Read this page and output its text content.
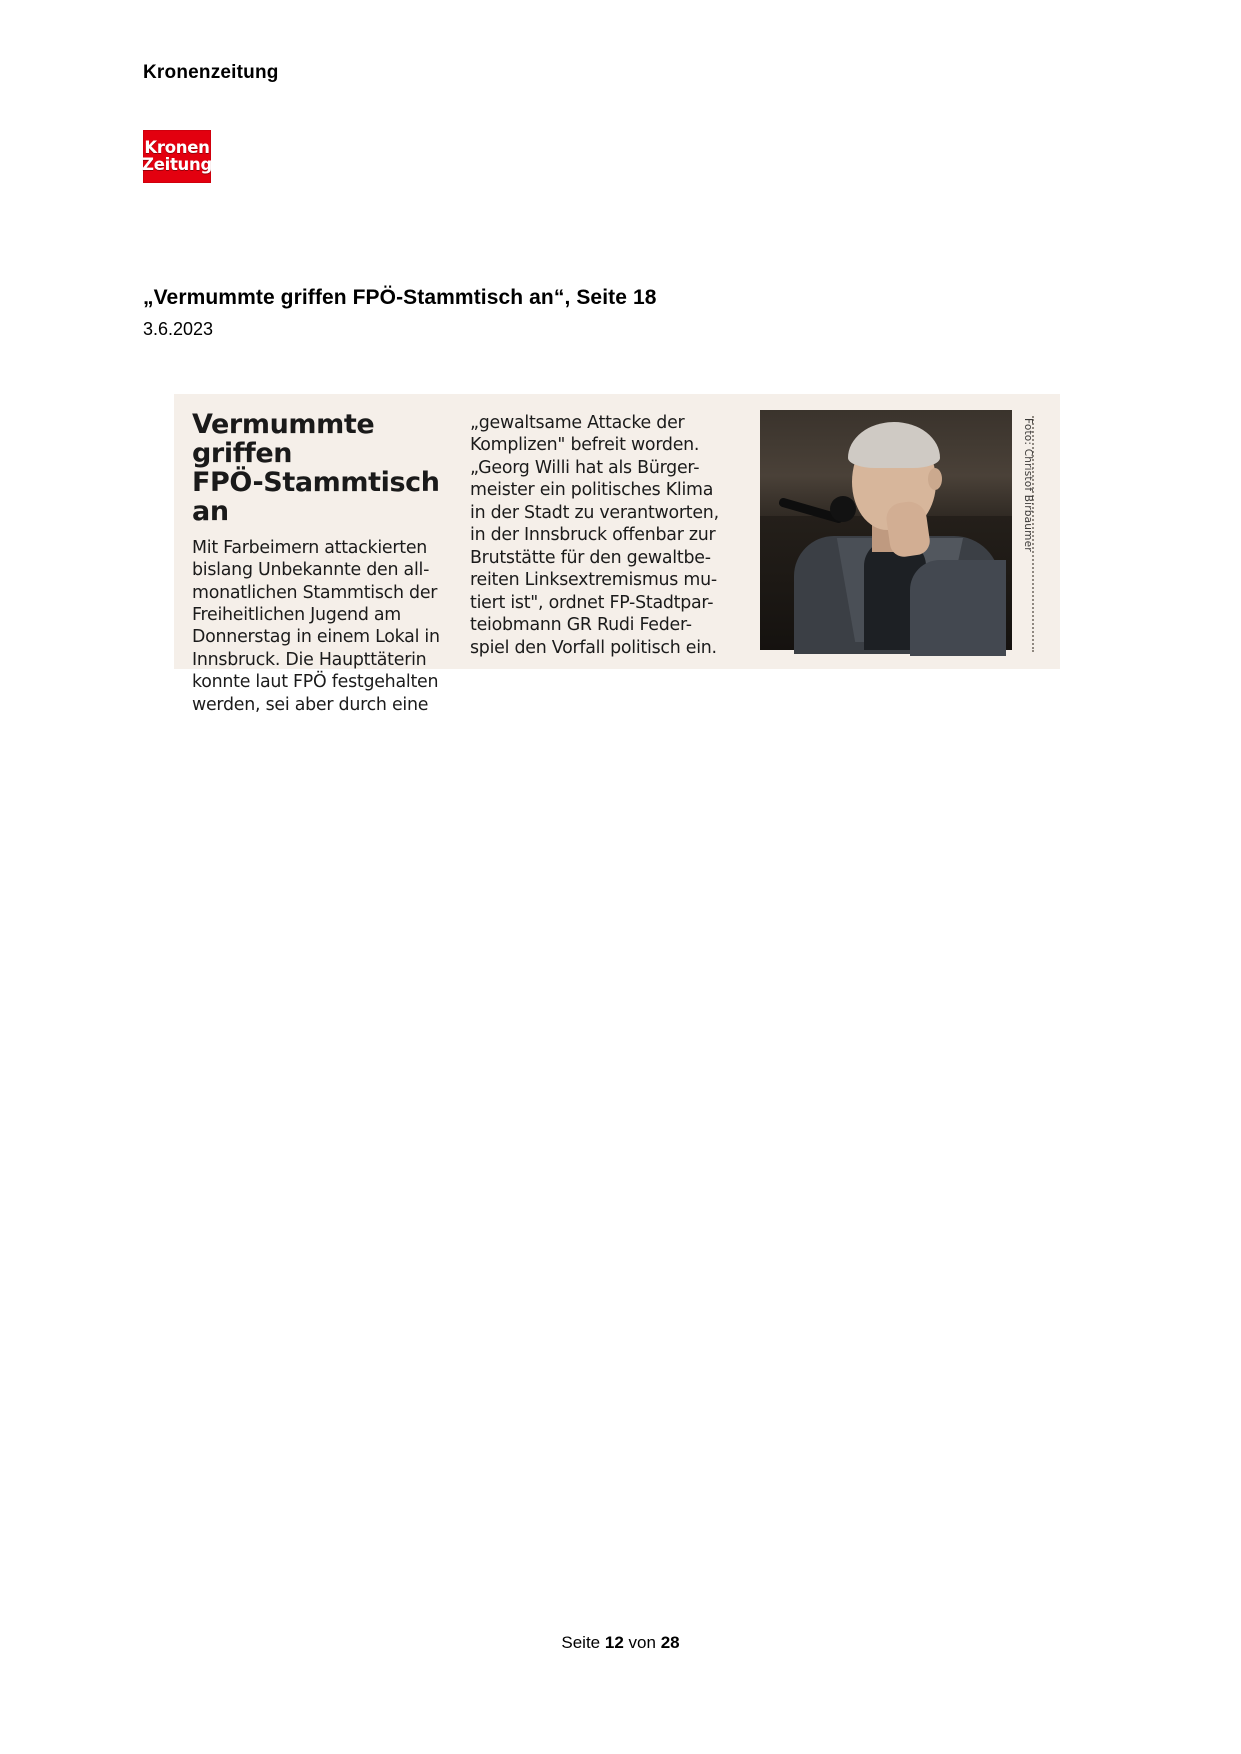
Kronenzeitung
Kronen
Zeitung
„Vermummte griffen FPÖ-Stammtisch an“, Seite 18
3.6.2023
Vermummte griffen
FPÖ-Stammtisch an
Mit Farbeimern attackierten
bislang Unbekannte den all-
monatlichen Stammtisch der
Freiheitlichen Jugend am
Donnerstag in einem Lokal in
Innsbruck. Die Haupttäterin
konnte laut FPÖ festgehalten
werden, sei aber durch eine
„gewaltsame Attacke der
Komplizen" befreit worden.
„Georg Willi hat als Bürger-
meister ein politisches Klima
in der Stadt zu verantworten,
in der Innsbruck offenbar zur
Brutstätte für den gewaltbe-
reiten Linksextremismus mu-
tiert ist", ordnet FP-Stadtpar-
teiobmann GR Rudi Feder-
spiel den Vorfall politisch ein.
Foto: Christof Birbaumer
Seite 12 von 28
